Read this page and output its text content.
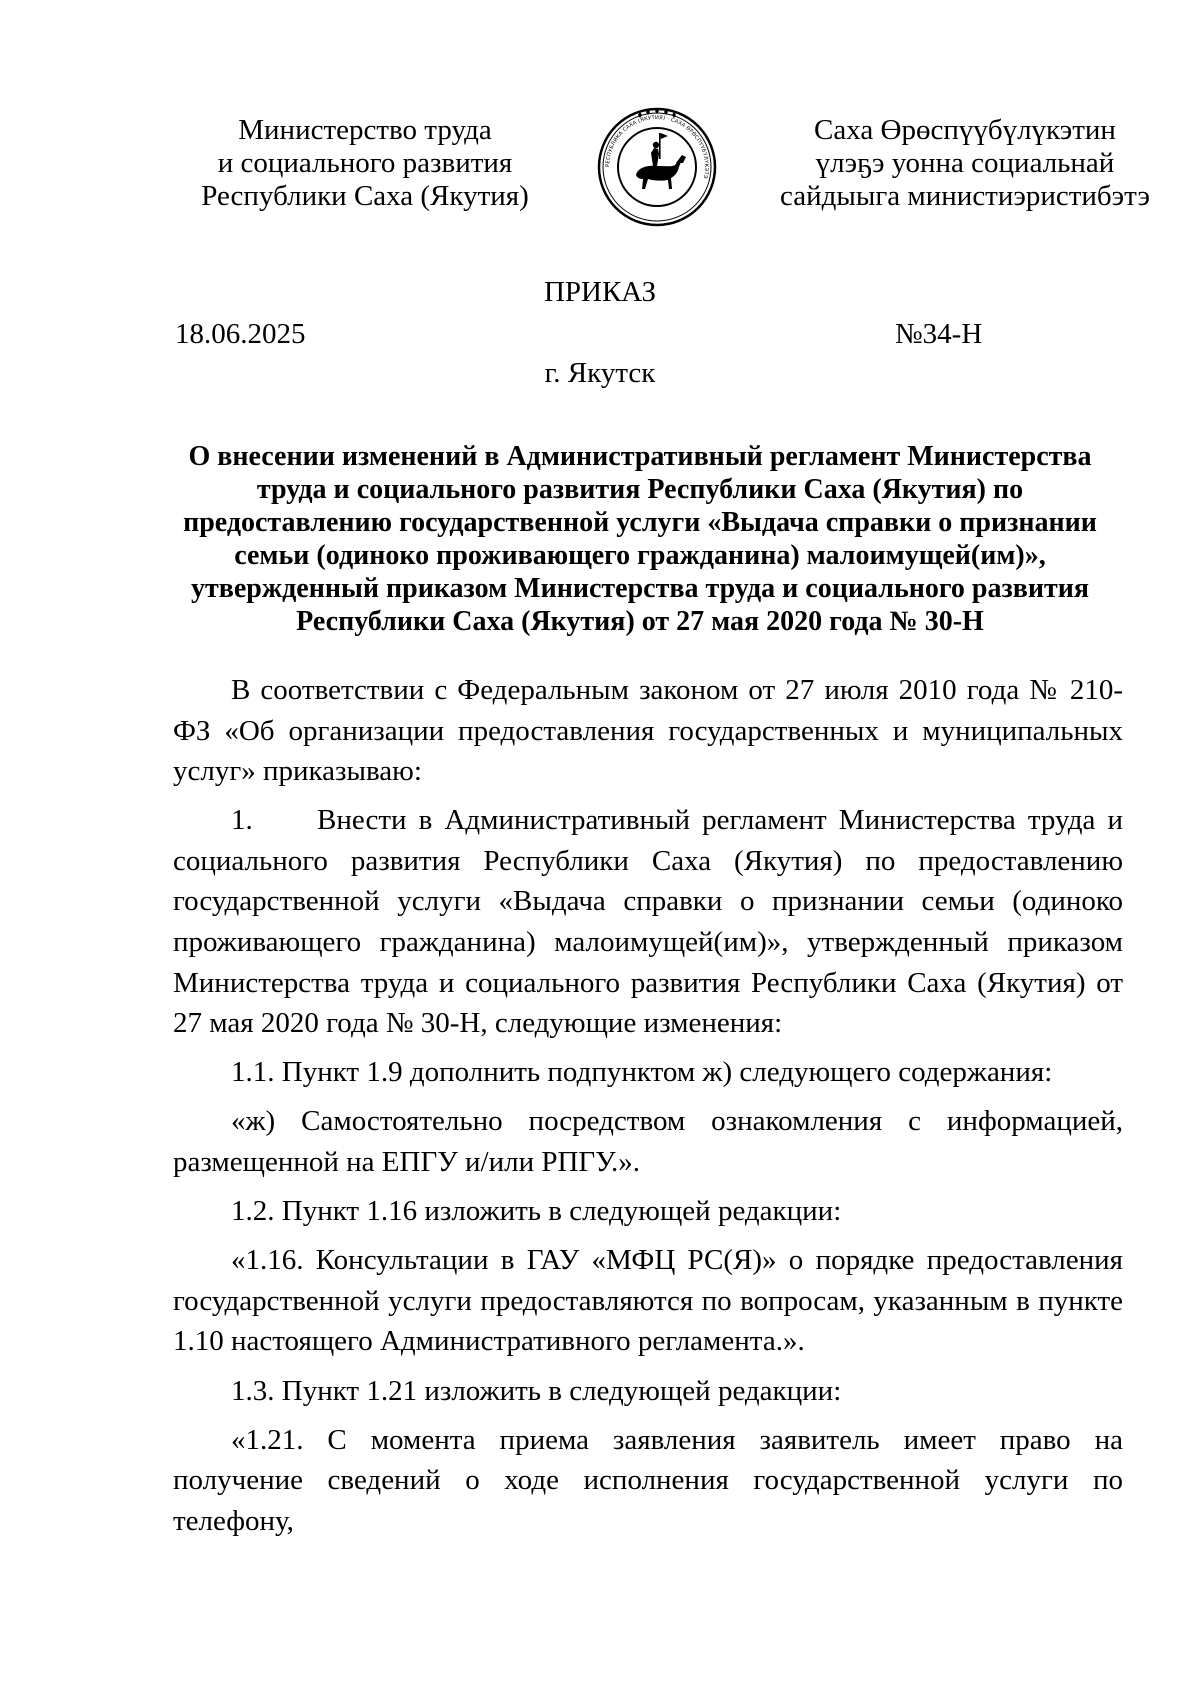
Министерство труда
и социального развития
Республики Саха (Якутия)
РЕСПУБЛИКА САХА (ЯКУТИЯ) · САХА ӨРӨСПҮҮБҮЛҮКЭТЭ
Саха Өрөспүүбүлүкэтин
үлэҕэ уонна социальнай
сайдыыга министиэристибэтэ
ПРИКАЗ
18.06.2025	№34-Н
г. Якутск
О внесении изменений в Административный регламент Министерства
труда и социального развития Республики Саха (Якутия) по
предоставлению государственной услуги «Выдача справки о признании
семьи (одиноко проживающего гражданина) малоимущей(им)»,
утвержденный приказом Министерства труда и социального развития
Республики Саха (Якутия) от 27 мая 2020 года № 30-Н

В соответствии с Федеральным законом от 27 июля 2010 года № 210-ФЗ «Об организации предоставления государственных и муниципальных услуг» приказываю:

1. Внести в Административный регламент Министерства труда и социального развития Республики Саха (Якутия) по предоставлению государственной услуги «Выдача справки о признании семьи (одиноко проживающего гражданина) малоимущей(им)», утвержденный приказом Министерства труда и социального развития Республики Саха (Якутия) от 27 мая 2020 года № 30-Н, следующие изменения:

1.1. Пункт 1.9 дополнить подпунктом ж) следующего содержания:

«ж) Самостоятельно посредством ознакомления с информацией, размещенной на ЕПГУ и/или РПГУ.».

1.2. Пункт 1.16 изложить в следующей редакции:

«1.16. Консультации в ГАУ «МФЦ РС(Я)» о порядке предоставления государственной услуги предоставляются по вопросам, указанным в пункте 1.10 настоящего Административного регламента.».

1.3. Пункт 1.21 изложить в следующей редакции:

«1.21. С момента приема заявления заявитель имеет право на получение сведений о ходе исполнения государственной услуги по телефону,
